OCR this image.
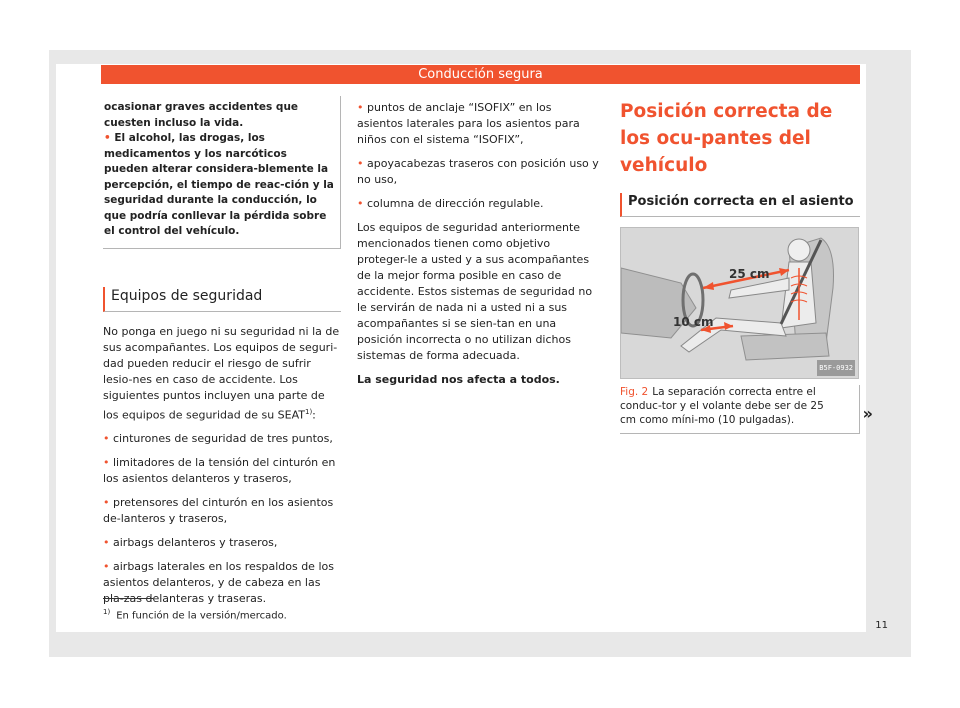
Conducción segura

ocasionar graves accidentes que cuesten incluso la vida.

• El alcohol, las drogas, los medicamentos y los narcóticos pueden alterar considera-blemente la percepción, el tiempo de reac-ción y la seguridad durante la conducción, lo que podría conllevar la pérdida sobre el control del vehículo.

Equipos de seguridad

No ponga en juego ni su seguridad ni la de sus acompañantes. Los equipos de seguri-dad pueden reducir el riesgo de sufrir lesio-nes en caso de accidente. Los siguientes puntos incluyen una parte de los equipos de seguridad de su SEAT$^{1)}$:

• cinturones de seguridad de tres puntos,
• limitadores de la tensión del cinturón en los asientos delanteros y traseros,
• pretensores del cinturón en los asientos de-lanteros y traseros,
• airbags delanteros y traseros,
• airbags laterales en los respaldos de los asientos delanteros, y de cabeza en las pla-zas delanteras y traseras.
• puntos de anclaje “ISOFIX” en los asientos laterales para los asientos para niños con el sistema “ISOFIX”,
• apoyacabezas traseros con posición uso y no uso,
• columna de dirección regulable.

Los equipos de seguridad anteriormente mencionados tienen como objetivo proteger-le a usted y a sus acompañantes de la mejor forma posible en caso de accidente. Estos sistemas de seguridad no le servirán de nada ni a usted ni a sus acompañantes si se sien-tan en una posición incorrecta o no utilizan dichos sistemas de forma adecuada.

La seguridad nos afecta a todos.

Posición correcta de los ocu-pantes del vehículo
Posición correcta en el asiento
25 cm
10 cm
B5F-0932
Fig. 2 La separación correcta entre el conduc-tor y el volante debe ser de 25 cm como míni-mo (10 pulgadas).	»
$^{1)}$ En función de la versión/mercado.
11
